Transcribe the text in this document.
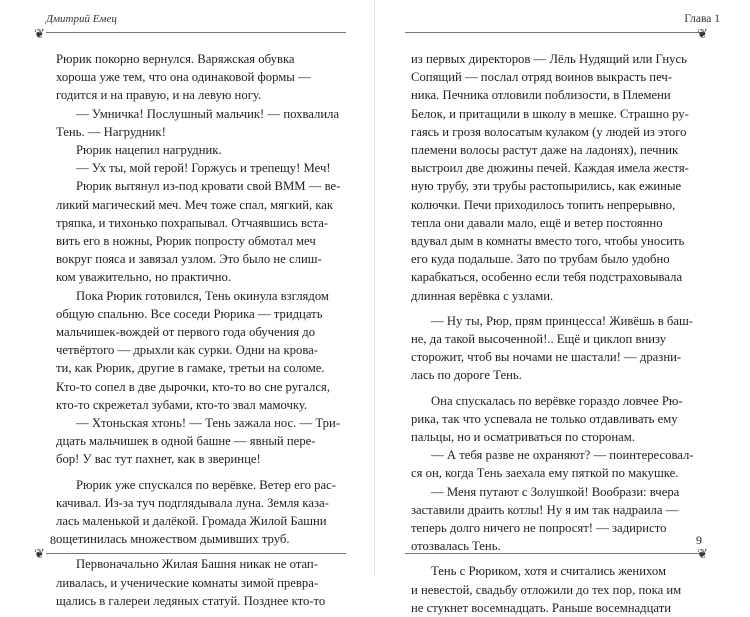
Дмитрий Емец
❦
Рюрик покорно вернулся. Варяжская обувка
хороша уже тем, что она одинаковой формы —
годится и на правую, и на левую ногу.
— Умничка! Послушный мальчик! — похвалила
Тень. — Нагрудник!
Рюрик нацепил нагрудник.
— Ух ты, мой герой! Горжусь и трепещу! Меч!
Рюрик вытянул из-под кровати свой ВММ — ве-
ликий магический меч. Меч тоже спал, мягкий, как
тряпка, и тихонько похрапывал. Отчаявшись вста-
вить его в ножны, Рюрик попросту обмотал меч
вокруг пояса и завязал узлом. Это было не слиш-
ком уважительно, но практично.
Пока Рюрик готовился, Тень окинула взглядом
общую спальню. Все соседи Рюрика — тридцать
мальчишек-вождей от первого года обучения до
четвёртого — дрыхли как сурки. Одни на крова-
ти, как Рюрик, другие в гамаке, третьи на соломе.
Кто-то сопел в две дырочки, кто-то во сне ругался,
кто-то скрежетал зубами, кто-то звал мамочку.
— Хтоньская хтонь! — Тень зажала нос. — Три-
дцать мальчишек в одной башне — явный пере-
бор! У вас тут пахнет, как в зверинце!
Рюрик уже спускался по верёвке. Ветер его рас-
качивал. Из-за туч подглядывала луна. Земля каза-
лась маленькой и далёкой. Громада Жилой Башни
ощетинилась множеством дымивших труб.
Первоначально Жилая Башня никак не отап-
ливалась, и ученические комнаты зимой превра-
щались в галереи ледяных статуй. Позднее кто-то
8
❦
Глава 1
❦
из первых директоров — Лёль Нудящий или Гнусь
Сопящий — послал отряд воинов выкрасть печ-
ника. Печника отловили поблизости, в Племени
Белок, и притащили в школу в мешке. Страшно ру-
гаясь и грозя волосатым кулаком (у людей из этого
племени волосы растут даже на ладонях), печник
выстроил две дюжины печей. Каждая имела жестя-
ную трубу, эти трубы растопырились, как ежиные
колючки. Печи приходилось топить непрерывно,
тепла они давали мало, ещё и ветер постоянно
вдувал дым в комнаты вместо того, чтобы уносить
его куда подальше. Зато по трубам было удобно
карабкаться, особенно если тебя подстраховывала
длинная верёвка с узлами.
— Ну ты, Рюр, прям принцесса! Живёшь в баш-
не, да такой высоченной!.. Ещё и циклоп внизу
сторожит, чтоб вы ночами не шастали! — дразни-
лась по дороге Тень.
Она спускалась по верёвке гораздо ловчее Рю-
рика, так что успевала не только отдавливать ему
пальцы, но и осматриваться по сторонам.
— А тебя разве не охраняют? — поинтересовал-
ся он, когда Тень заехала ему пяткой по макушке.
— Меня путают с Золушкой! Вообрази: вчера
заставили драить котлы! Ну я им так надраила —
теперь долго ничего не попросят! — задиристо
отозвалась Тень.
Тень с Рюриком, хотя и считались женихом
и невестой, свадьбу отложили до тех пор, пока им
не стукнет восемнадцать. Раньше восемнадцати
9
❦
